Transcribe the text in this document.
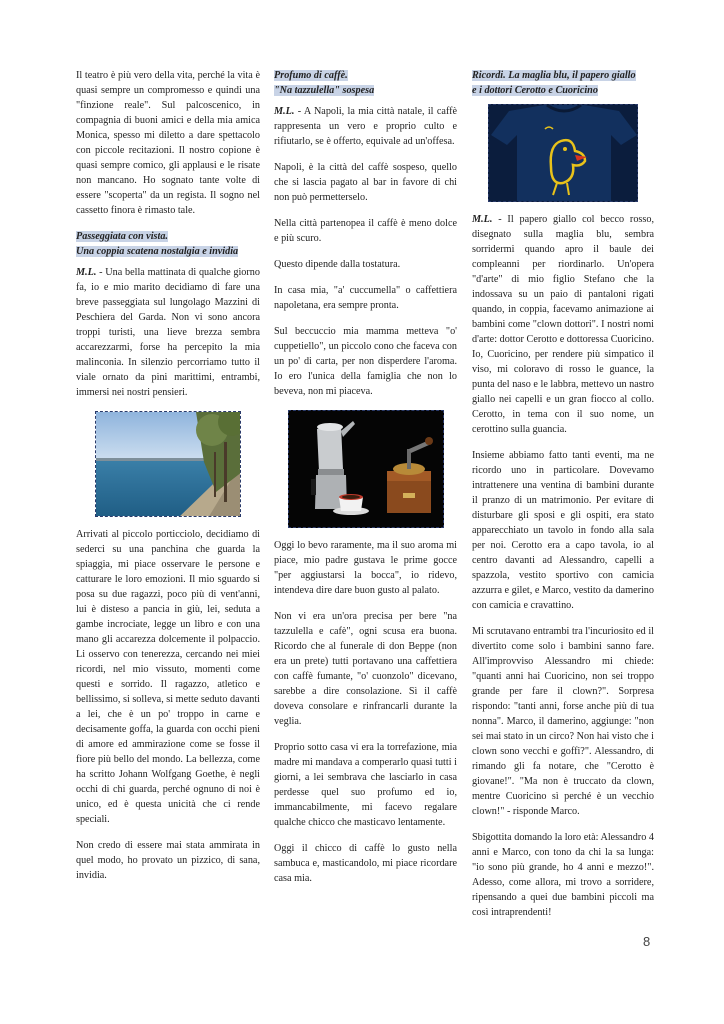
Il teatro è più vero della vita, perché la vita è quasi sempre un compromesso e quindi una "finzione reale". Sul palcoscenico, in compagnia di buoni amici e della mia amica Monica, spesso mi diletto a dare spettacolo con piccole recitazioni. Il nostro copione è quasi sempre comico, gli applausi e le risate non mancano. Ho sognato tante volte di essere "scoperta" da un regista. Il sogno nel cassetto finora è rimasto tale.

Passeggiata con vista.
Una coppia scatena nostalgia e invidia

M.L. - Una bella mattinata di qualche giorno fa, io e mio marito decidiamo di fare una breve passeggiata sul lungolago Mazzini di Peschiera del Garda. Non vi sono ancora troppi turisti, una lieve brezza sembra accarezzarmi, forse ha percepito la mia malinconia. In silenzio percorriamo tutto il viale ornato da pini marittimi, entrambi, immersi nei nostri pensieri.

Arrivati al piccolo porticciolo, decidiamo di sederci su una panchina che guarda la spiaggia, mi piace osservare le persone e catturare le loro emozioni. Il mio sguardo si posa su due ragazzi, poco più di vent'anni, lui è disteso a pancia in giù, lei, seduta a gambe incrociate, legge un libro e con una mano gli accarezza dolcemente il polpaccio. Li osservo con tenerezza, cercando nei miei ricordi, nel mio vissuto, momenti come questi e sorrido. Il ragazzo, atletico e bellissimo, si solleva, si mette seduto davanti a lei, che è un po' troppo in carne e decisamente goffa, la guarda con occhi pieni di amore ed ammirazione come se fosse il fiore più bello del mondo. La bellezza, come ha scritto Johann Wolfgang Goethe, è negli occhi di chi guarda, perché ognuno di noi è unico, ed è questa unicità che ci rende speciali.

Non credo di essere mai stata ammirata in quel modo, ho provato un pizzico, di sana, invidia.

Profumo di caffè.
"Na tazzulella" sospesa

M.L. - A Napoli, la mia città natale, il caffè rappresenta un vero e proprio culto e rifiutarlo, se è offerto, equivale ad un'offesa.

Napoli, è la città del caffè sospeso, quello che si lascia pagato al bar in favore di chi non può permetterselo.

Nella città partenopea il caffè è meno dolce e più scuro.

Questo dipende dalla tostatura.

In casa mia, "a' cuccumella" o caffettiera napoletana, era sempre pronta.

Sul beccuccio mia mamma metteva "o' cuppetiello", un piccolo cono che faceva con un po' di carta, per non disperdere l'aroma. Io ero l'unica della famiglia che non lo beveva, non mi piaceva.

Oggi lo bevo raramente, ma il suo aroma mi piace, mio padre gustava le prime gocce "per aggiustarsi la bocca", io ridevo, intendeva dire dare buon gusto al palato.

Non vi era un'ora precisa per bere "na tazzulella e cafè", ogni scusa era buona. Ricordo che al funerale di don Beppe (non era un prete) tutti portavano una caffettiera con caffè fumante, "o' cuonzolo" dicevano, sarebbe a dire consolazione. Sì il caffè doveva consolare e rinfrancarli durante la veglia.

Proprio sotto casa vi era la torrefazione, mia madre mi mandava a comperarlo quasi tutti i giorni, a lei sembrava che lasciarlo in casa perdesse quel suo profumo ed io, immancabilmente, mi facevo regalare qualche chicco che masticavo lentamente.

Oggi il chicco di caffè lo gusto nella sambuca e, masticandolo, mi piace ricordare casa mia.

Ricordi. La maglia blu, il papero giallo
e i dottori Cerotto e Cuoricino

M.L. - Il papero giallo col becco rosso, disegnato sulla maglia blu, sembra sorridermi quando apro il baule dei compleanni per riordinarlo. Un'opera "d'arte" di mio figlio Stefano che la indossava su un paio di pantaloni rigati quando, in coppia, facevamo animazione ai bambini come "clown dottori". I nostri nomi d'arte: dottor Cerotto e dottoressa Cuoricino. Io, Cuoricino, per rendere più simpatico il viso, mi coloravo di rosso le guance, la punta del naso e le labbra, mettevo un nastro giallo nei capelli e un gran fiocco al collo. Cerotto, in tema con il suo nome, un cerottino sulla guancia.

Insieme abbiamo fatto tanti eventi, ma ne ricordo uno in particolare. Dovevamo intrattenere una ventina di bambini durante il pranzo di un matrimonio. Per evitare di disturbare gli sposi e gli ospiti, era stato apparecchiato un tavolo in fondo alla sala per noi. Cerotto era a capo tavola, io al centro davanti ad Alessandro, capelli a spazzola, vestito sportivo con camicia azzurra e gilet, e Marco, vestito da damerino con camicia e cravattino.

Mi scrutavano entrambi tra l'incuriosito ed il divertito come solo i bambini sanno fare. All'improvviso Alessandro mi chiede: "quanti anni hai Cuoricino, non sei troppo grande per fare il clown?". Sorpresa rispondo: "tanti anni, forse anche più di tua nonna". Marco, il damerino, aggiunge: "non sei mai stato in un circo? Non hai visto che i clown sono vecchi e goffi?". Alessandro, di rimando gli fa notare, che "Cerotto è giovane!". "Ma non è truccato da clown, mentre Cuoricino sì perché è un vecchio clown!" - risponde Marco.

Sbigottita domando la loro età: Alessandro 4 anni e Marco, con tono da chi la sa lunga: "io sono più grande, ho 4 anni e mezzo!". Adesso, come allora, mi trovo a sorridere, ripensando a quei due bambini piccoli ma così intraprendenti!

8
